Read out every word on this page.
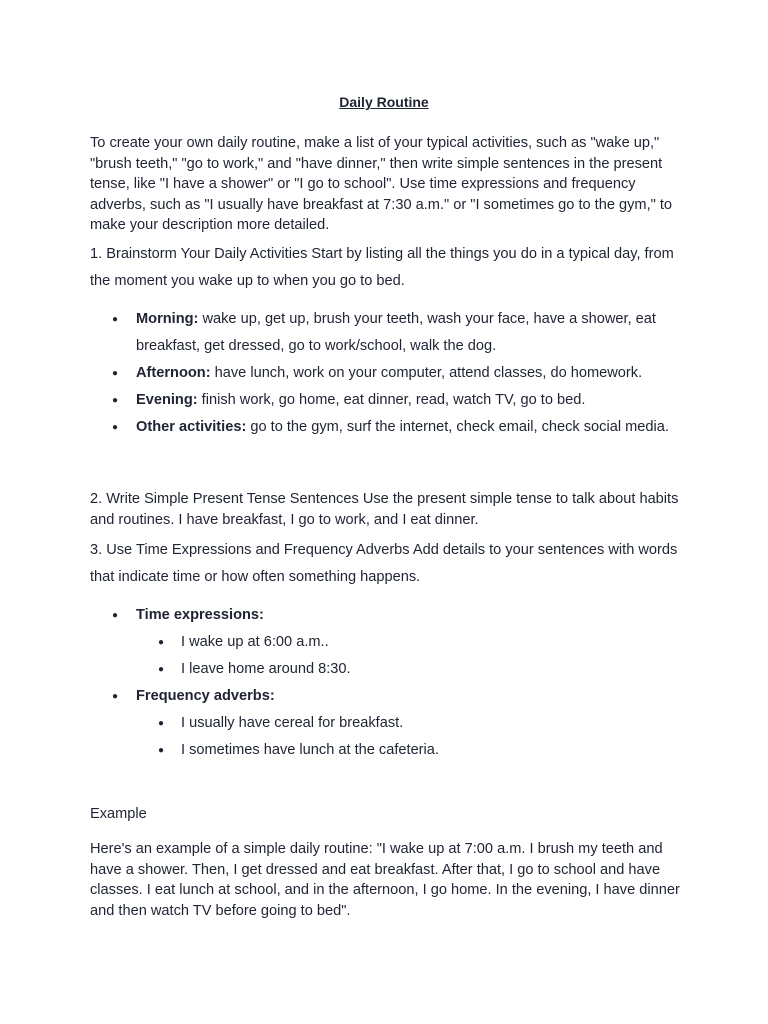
Daily Routine

To create your own daily routine, make a list of your typical activities, such as "wake up," "brush teeth," "go to work," and "have dinner," then write simple sentences in the present tense, like "I have a shower" or "I go to school". Use time expressions and frequency adverbs, such as "I usually have breakfast at 7:30 a.m." or "I sometimes go to the gym," to make your description more detailed.

1. Brainstorm Your Daily Activities Start by listing all the things you do in a typical day, from the moment you wake up to when you go to bed.

● Morning: wake up, get up, brush your teeth, wash your face, have a shower, eat breakfast, get dressed, go to work/school, walk the dog.
● Afternoon: have lunch, work on your computer, attend classes, do homework.
● Evening: finish work, go home, eat dinner, read, watch TV, go to bed.
● Other activities: go to the gym, surf the internet, check email, check social media.

2. Write Simple Present Tense Sentences Use the present simple tense to talk about habits and routines. I have breakfast, I go to work, and I eat dinner.

3. Use Time Expressions and Frequency Adverbs Add details to your sentences with words that indicate time or how often something happens.

● Time expressions:
● I wake up at 6:00 a.m..
● I leave home around 8:30.
● Frequency adverbs:
● I usually have cereal for breakfast.
● I sometimes have lunch at the cafeteria.

Example

Here's an example of a simple daily routine: "I wake up at 7:00 a.m. I brush my teeth and have a shower. Then, I get dressed and eat breakfast. After that, I go to school and have classes. I eat lunch at school, and in the afternoon, I go home. In the evening, I have dinner and then watch TV before going to bed".
